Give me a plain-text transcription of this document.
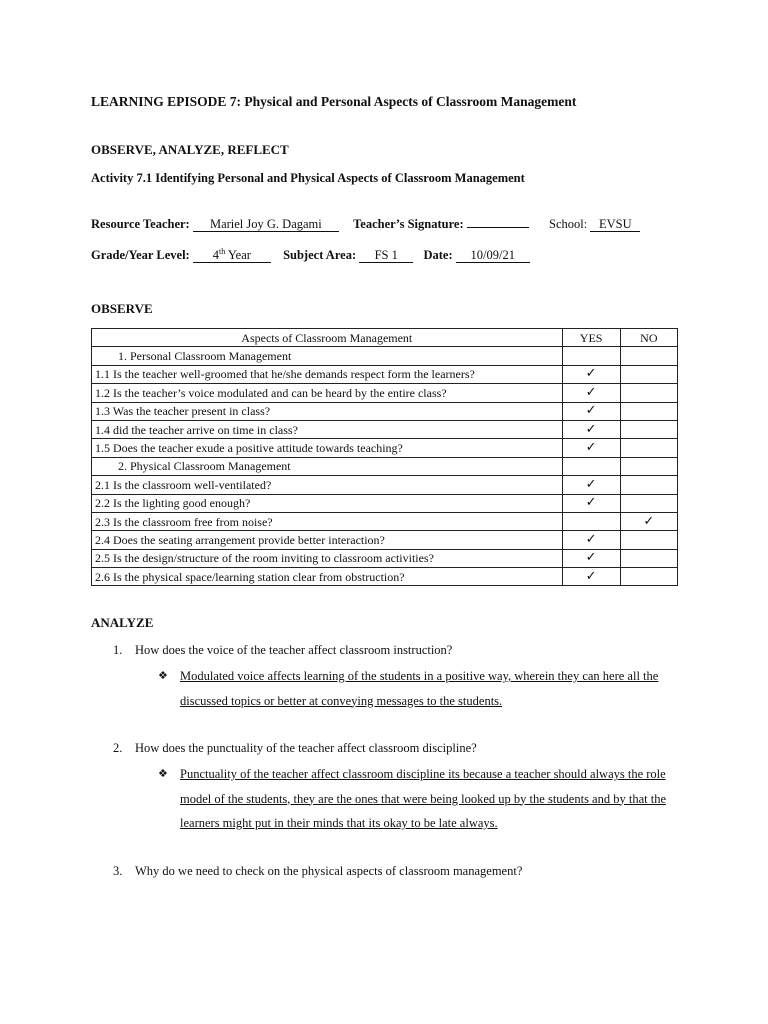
LEARNING EPISODE 7: Physical and Personal Aspects of Classroom Management
OBSERVE, ANALYZE, REFLECT
Activity 7.1 Identifying Personal and Physical Aspects of Classroom Management
Resource Teacher: Mariel Joy G. Dagami	Teacher’s Signature:	School: EVSU
Grade/Year Level: 4th Year	Subject Area: FS 1 Date: 10/09/21
OBSERVE
Aspects of Classroom Management	YES	NO
1. Personal Classroom Management		
1.1 Is the teacher well-groomed that he/she demands respect form the learners?	✓	
1.2 Is the teacher’s voice modulated and can be heard by the entire class?	✓	
1.3 Was the teacher present in class?	✓	
1.4 did the teacher arrive on time in class?	✓	
1.5 Does the teacher exude a positive attitude towards teaching?	✓	
2. Physical Classroom Management		
2.1 Is the classroom well-ventilated?	✓	
2.2 Is the lighting good enough?	✓	
2.3 Is the classroom free from noise?		✓
2.4 Does the seating arrangement provide better interaction?	✓	
2.5 Is the design/structure of the room inviting to classroom activities?	✓	
2.6 Is the physical space/learning station clear from obstruction?	✓	
ANALYZE
1. How does the voice of the teacher affect classroom instruction?
❖ Modulated voice affects learning of the students in a positive way, wherein they can here all the discussed topics or better at conveying messages to the students.
2. How does the punctuality of the teacher affect classroom discipline?
❖ Punctuality of the teacher affect classroom discipline its because a teacher should always the role model of the students, they are the ones that were being looked up by the students and by that the learners might put in their minds that its okay to be late always.
3. Why do we need to check on the physical aspects of classroom management?
